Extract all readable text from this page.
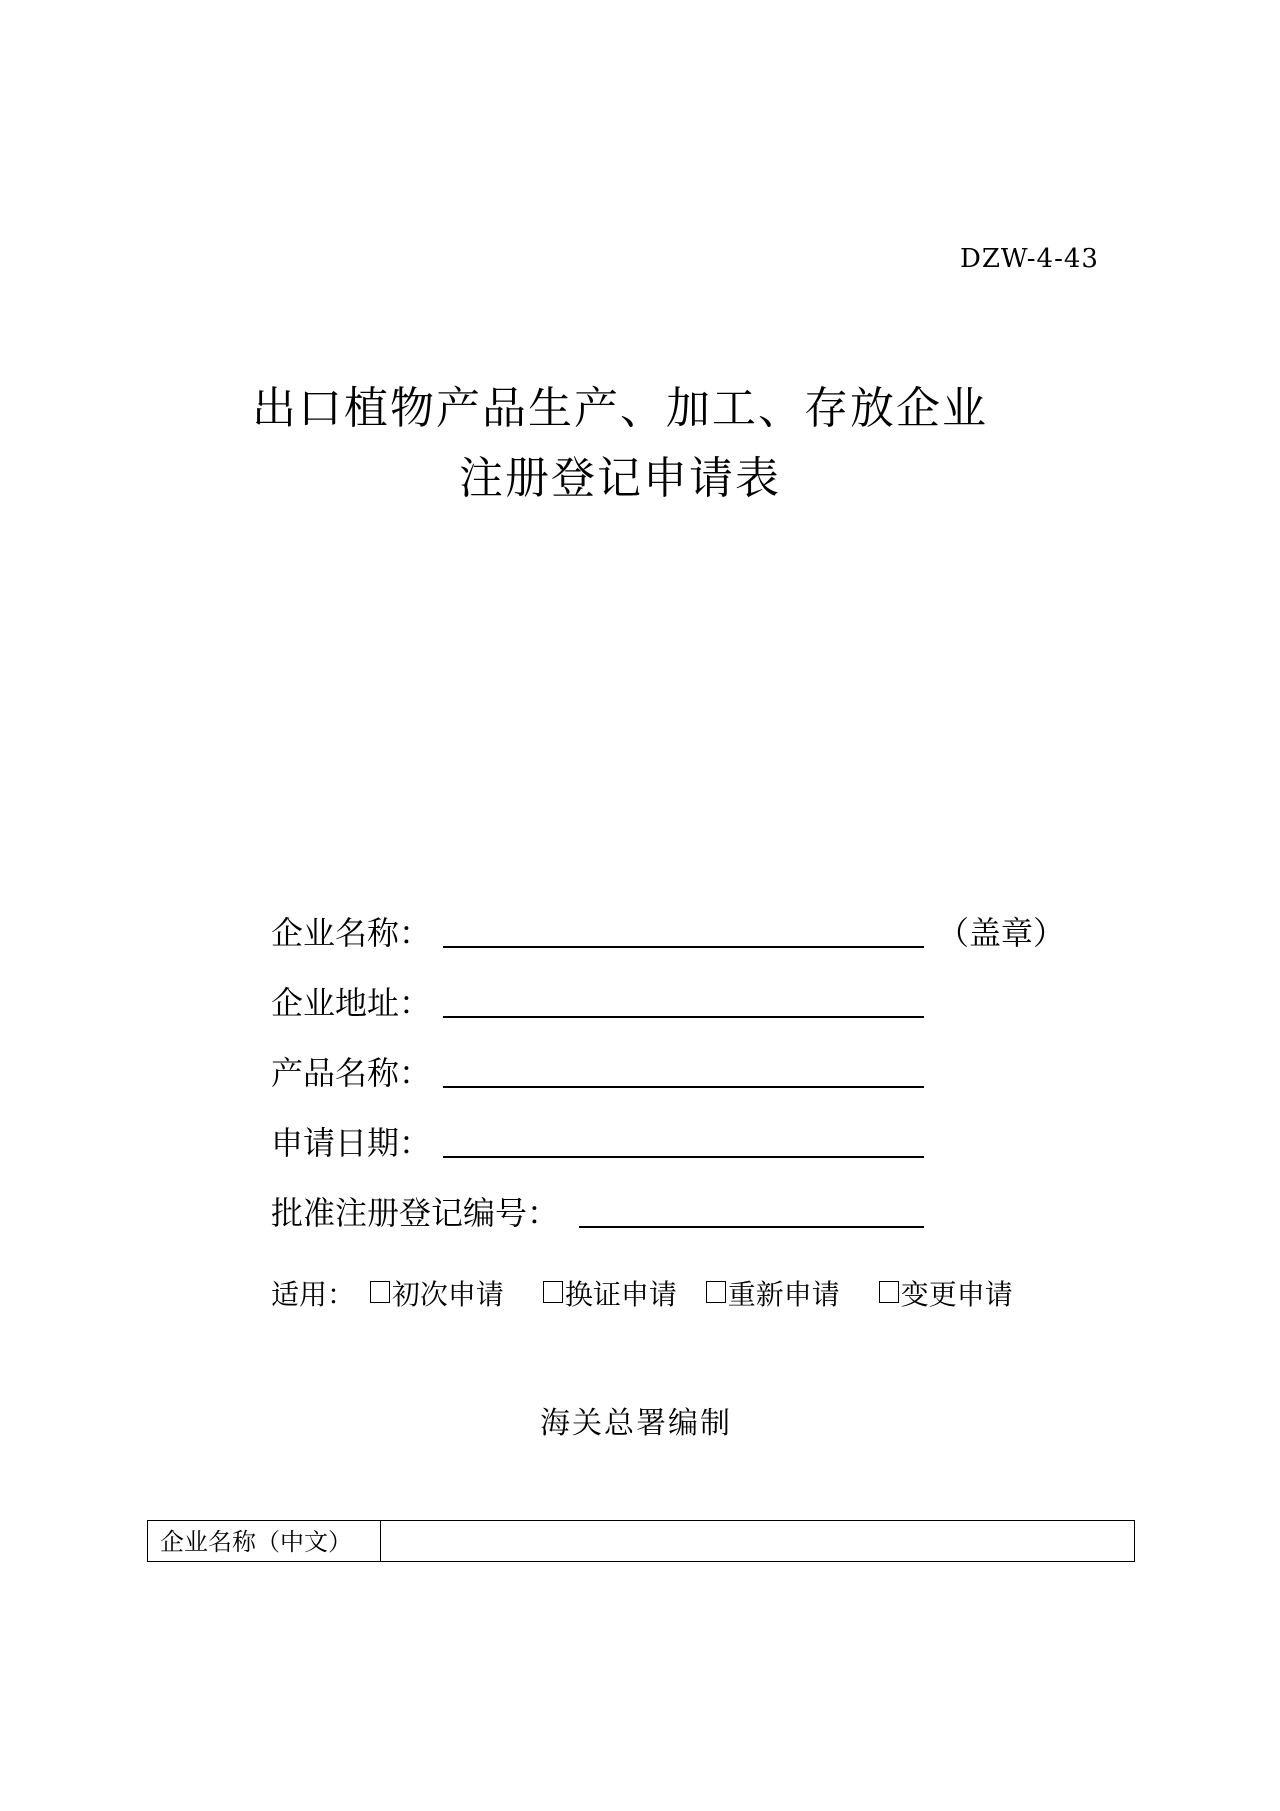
DZW-4-43
出口植物产品生产、加工、存放企业
注册登记申请表
企业名称：	（盖章）
企业地址：
产品名称：
申请日期：
批准注册登记编号：
适用： 初次申请 换证申请 重新申请 变更申请
海关总署编制
企业名称（中文）
